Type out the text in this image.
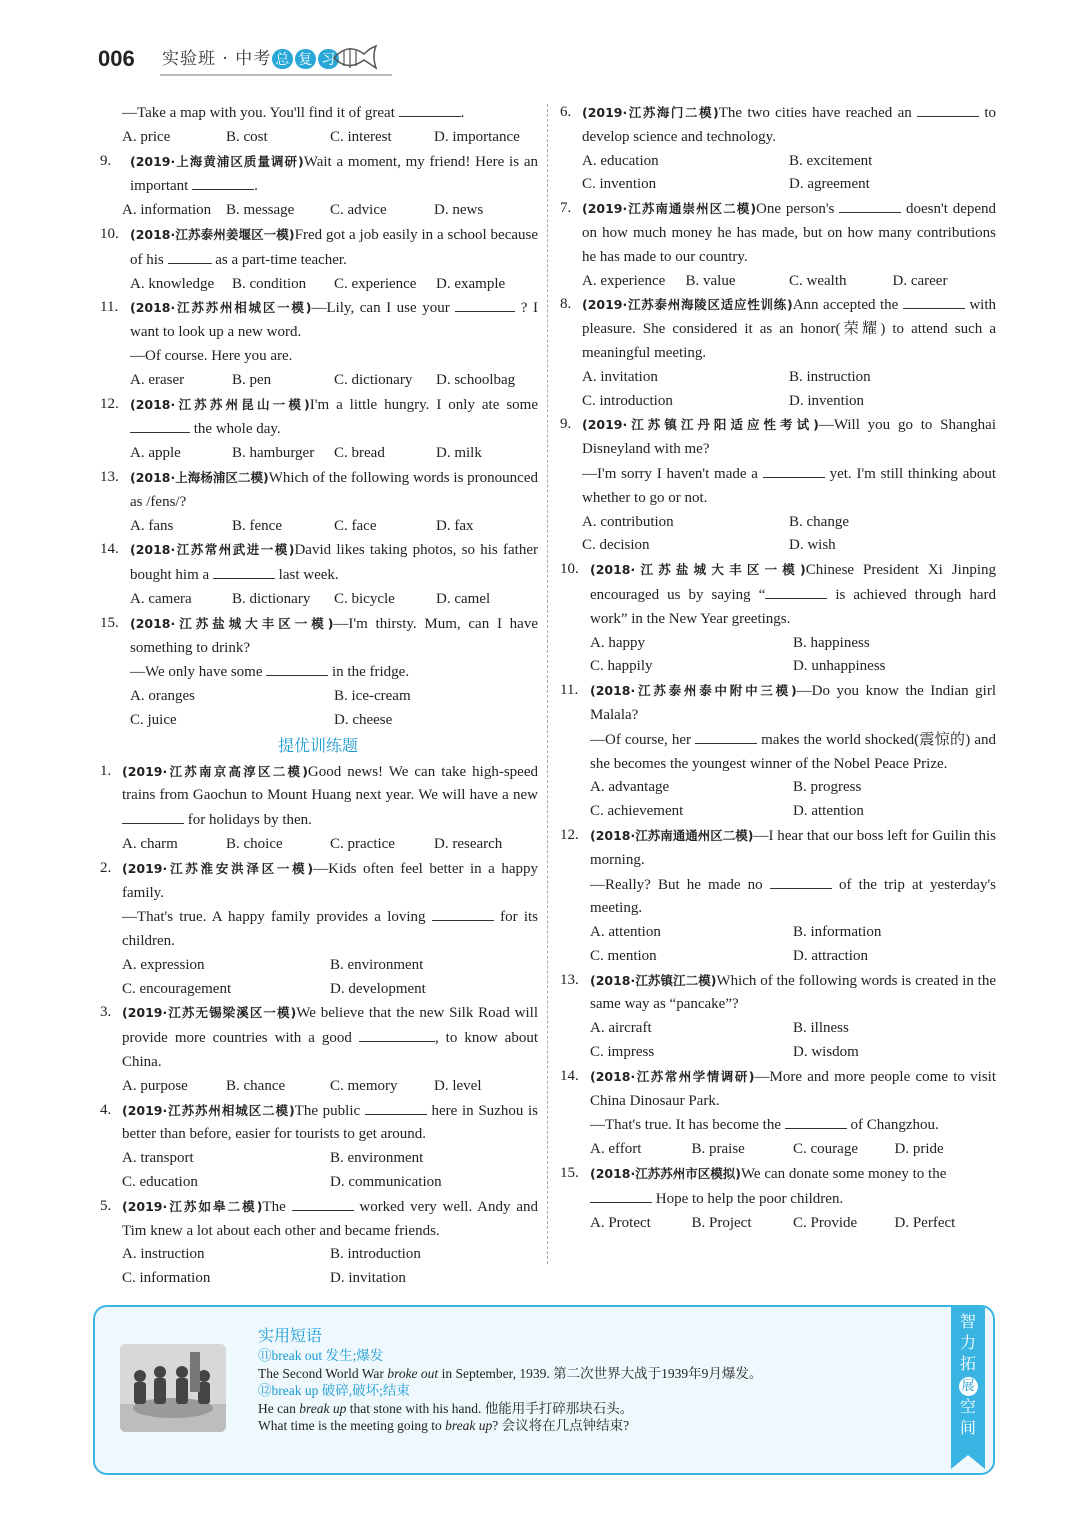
006 实验班 · 中考 总 复 习
—Take a map with you. You'll find it of great	.
A. price	B. cost	C. interest	D. importance
9. (2019·上海黄浦区质量调研)Wait a moment, my friend! Here is an important	.
A. information B. message	C. advice	D. news
10. (2018·江苏泰州姜堰区一模)Fred got a job easily in a school because of his	as a part-time teacher.
A. knowledge	B. condition	C. experience	D. example
11. (2018·江苏苏州相城区一模)—Lily, can I use your	? I want to look up a new word.
—Of course. Here you are.
A. eraser	B. pen	C. dictionary	D. schoolbag
12. (2018·江苏苏州昆山一模)I'm a little hungry. I only ate some  the whole day.
A. apple	B. hamburger	C. bread	D. milk
13. (2018·上海杨浦区二模)Which of the following words is pronounced as /fens/?
A. fans	B. fence	C. face	D. fax
14. (2018·江苏常州武进一模)David likes taking photos, so his father bought him a	last week.
A. camera	B. dictionary	C. bicycle	D. camel
15. (2018·江苏盐城大丰区一模)—I'm thirsty. Mum, can I have something to drink?
—We only have some	in the fridge.
A. oranges	B. ice-cream
C. juice	D. cheese
提优训练题
1. (2019·江苏南京高淳区二模)Good news! We can take high-speed trains from Gaochun to Mount Huang next year. We will have a new  for holidays by then.
A. charm	B. choice	C. practice	D. research
2. (2019·江苏淮安洪泽区一模)—Kids often feel better in a happy family.
—That's true. A happy family provides a loving	for its children.
A. expression	B. environment
C. encouragement	D. development
3. (2019·江苏无锡梁溪区一模)We believe that the new Silk Road will provide more countries with a good	, to know about China.
A. purpose	B. chance	C. memory	D. level
4. (2019·江苏苏州相城区二模)The public	here in Suzhou is better than before, easier for tourists to get around.
A. transport	B. environment
C. education	D. communication
5. (2019·江苏如皋二模)The	worked very well. Andy and Tim knew a lot about each other and became friends.
A. instruction	B. introduction
C. information	D. invitation
6. (2019·江苏海门二模)The two cities have reached an	to develop science and technology.
A. education	B. excitement
C. invention	D. agreement
7. (2019·江苏南通崇州区二模)One person's	doesn't depend on how much money he has made, but on how many contributions he has made to our country.
A. experience	B. value	C. wealth	D. career
8. (2019·江苏泰州海陵区适应性训练)Ann accepted the	with pleasure. She considered it as an honor(荣耀) to attend such a meaningful meeting.
A. invitation	B. instruction
C. introduction	D. invention
9. (2019·江苏镇江丹阳适应性考试)—Will you go to Shanghai Disneyland with me?
—I'm sorry I haven't made a	yet. I'm still thinking about whether to go or not.
A. contribution	B. change
C. decision	D. wish
10. (2018·江苏盐城大丰区一模)Chinese President Xi Jinping encouraged us by saying “	is achieved through hard work” in the New Year greetings.
A. happy	B. happiness
C. happily	D. unhappiness
11. (2018·江苏泰州泰中附中三模)—Do you know the Indian girl Malala?
—Of course, her	makes the world shocked(震惊的) and she becomes the youngest winner of the Nobel Peace Prize.
A. advantage	B. progress
C. achievement	D. attention
12. (2018·江苏南通通州区二模)—I hear that our boss left for Guilin this morning.
—Really? But he made no	of the trip at yesterday's meeting.
A. attention	B. information
C. mention	D. attraction
13. (2018·江苏镇江二模)Which of the following words is created in the same way as “pancake”?
A. aircraft	B. illness
C. impress	D. wisdom
14. (2018·江苏常州学情调研)—More and more people come to visit China Dinosaur Park.
—That's true. It has become the	of Changzhou.
A. effort	B. praise	C. courage	D. pride
15. (2018·江苏苏州市区模拟)We can donate some money to the
Hope to help the poor children.
A. Protect	B. Project	C. Provide	D. Perfect
实用短语
⑪break out 发生;爆发
The Second World War broke out in September, 1939. 第二次世界大战于1939年9月爆发。
⑫break up 破碎,破坏;结束
He can break up that stone with his hand. 他能用手打碎那块石头。
What time is the meeting going to break up? 会议将在几点钟结束?
智
力
拓
展
空
间
